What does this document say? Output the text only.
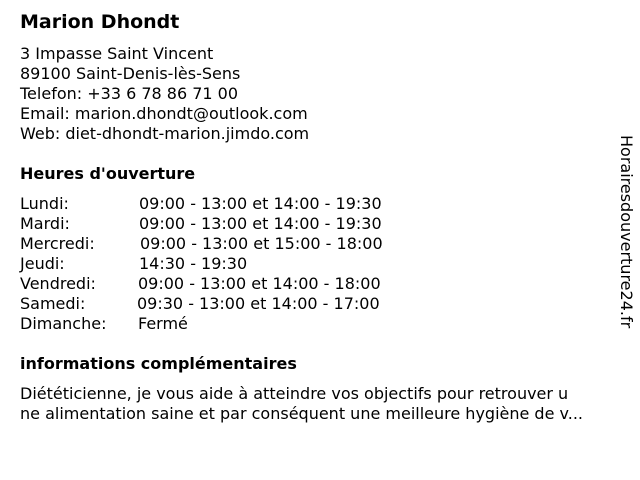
Marion Dhondt
3 Impasse Saint Vincent
89100 Saint-Denis-lès-Sens
Telefon: +33 6 78 86 71 00
Email: marion.dhondt@outlook.com
Web: diet-dhondt-marion.jimdo.com
Heures d'ouverture
Lundi:	09:00 - 13:00 et 14:00 - 19:30
Mardi:	09:00 - 13:00 et 14:00 - 19:30
Mercredi:	09:00 - 13:00 et 15:00 - 18:00
Jeudi:	14:30 - 19:30
Vendredi:	09:00 - 13:00 et 14:00 - 18:00
Samedi:	09:30 - 13:00 et 14:00 - 17:00
Dimanche: Fermé
informations complémentaires
Diététicienne, je vous aide à atteindre vos objectifs pour retrouver u
ne alimentation saine et par conséquent une meilleure hygiène de v...
Horairesdouverture24.fr
